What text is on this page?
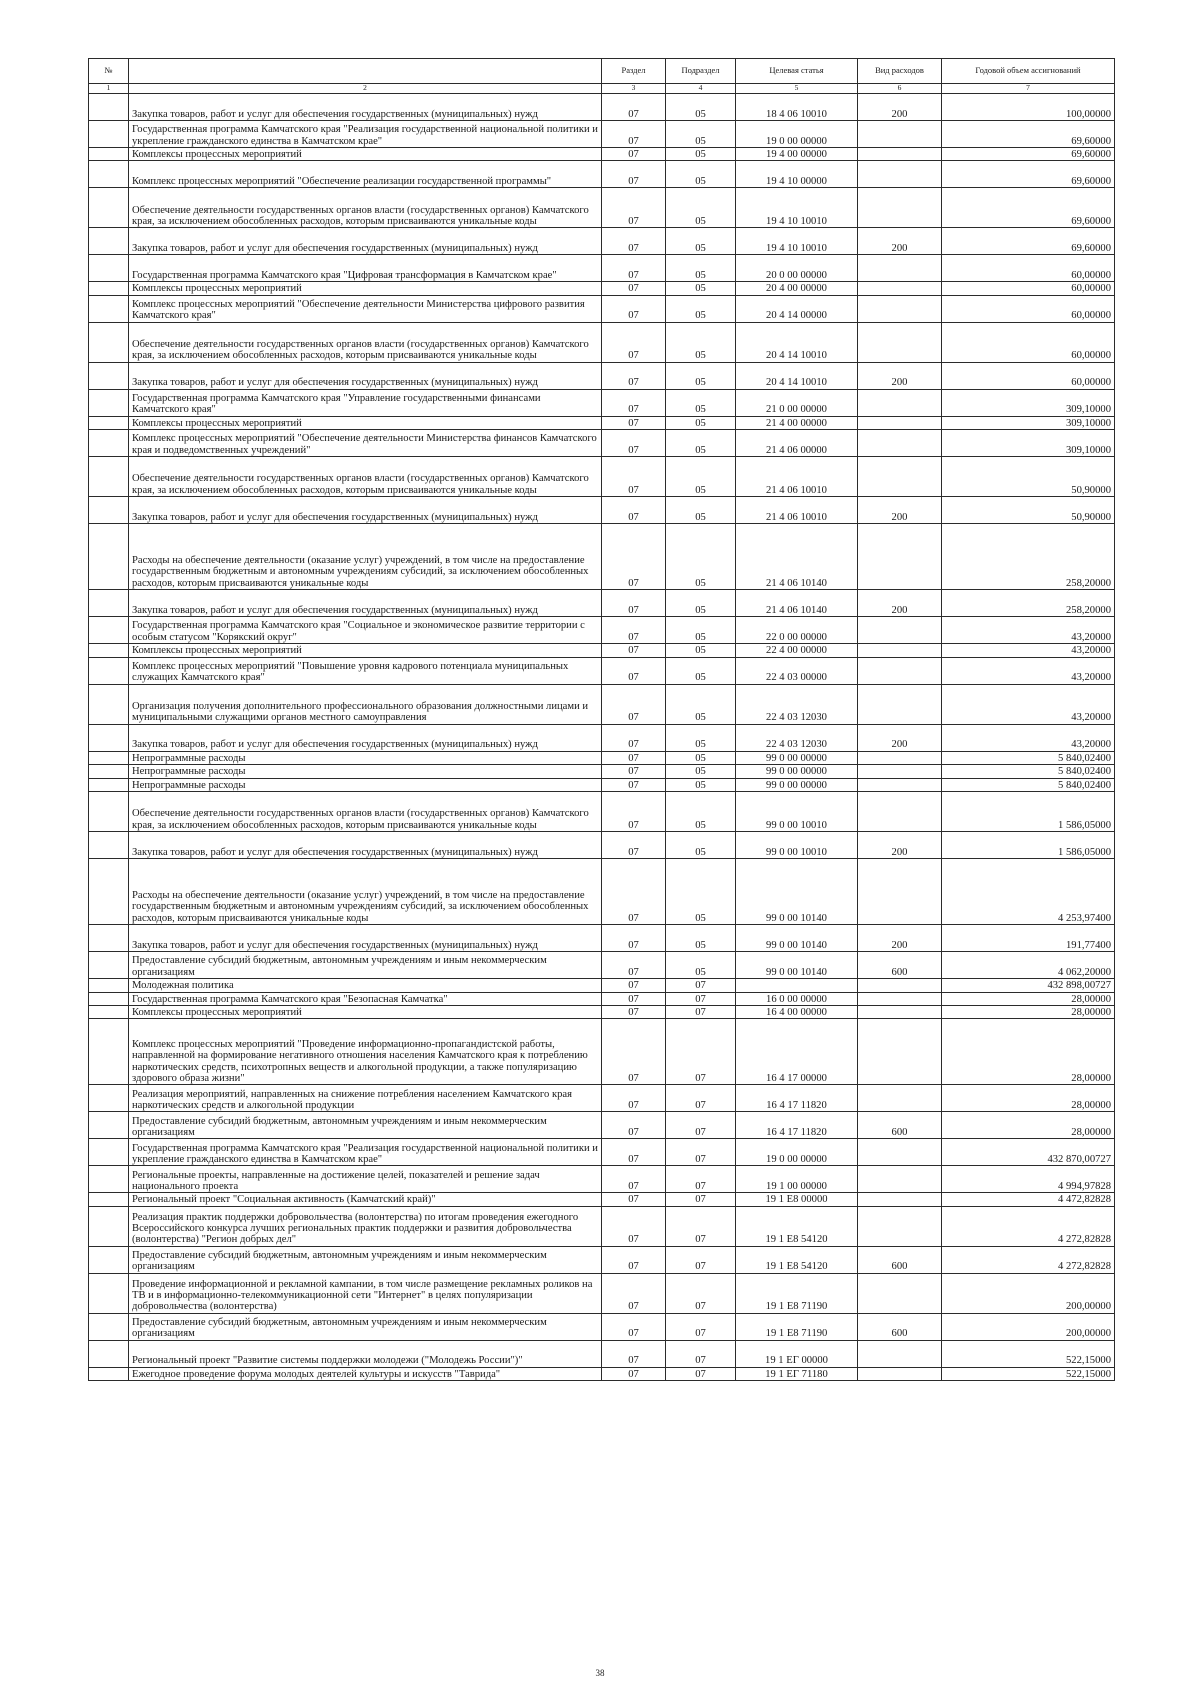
№		Раздел	Подраздел	Целевая статья	Вид расходов	Годовой объем ассигнований
1	2	3	4	5	6	7
	Закупка товаров, работ и услуг для обеспечения государственных (муниципальных) нужд	07	05	18 4 06 10010	200	100,00000
	Государственная программа Камчатского края "Реализация государственной национальной политики и укрепление гражданского единства в Камчатском крае"	07	05	19 0 00 00000		69,60000
	Комплексы процессных мероприятий	07	05	19 4 00 00000		69,60000
	Комплекс процессных мероприятий "Обеспечение реализации государственной программы"	07	05	19 4 10 00000		69,60000
	Обеспечение деятельности государственных органов власти (государственных органов) Камчатского края, за исключением обособленных расходов, которым присваиваются уникальные коды	07	05	19 4 10 10010		69,60000
	Закупка товаров, работ и услуг для обеспечения государственных (муниципальных) нужд	07	05	19 4 10 10010	200	69,60000
	Государственная программа Камчатского края "Цифровая трансформация в Камчатском крае"	07	05	20 0 00 00000		60,00000
	Комплексы процессных мероприятий	07	05	20 4 00 00000		60,00000
	Комплекс процессных мероприятий "Обеспечение деятельности Министерства цифрового развития Камчатского края"	07	05	20 4 14 00000		60,00000
	Обеспечение деятельности государственных органов власти (государственных органов) Камчатского края, за исключением обособленных расходов, которым присваиваются уникальные коды	07	05	20 4 14 10010		60,00000
	Закупка товаров, работ и услуг для обеспечения государственных (муниципальных) нужд	07	05	20 4 14 10010	200	60,00000
	Государственная программа Камчатского края "Управление государственными финансами Камчатского края"	07	05	21 0 00 00000		309,10000
	Комплексы процессных мероприятий	07	05	21 4 00 00000		309,10000
	Комплекс процессных мероприятий "Обеспечение деятельности Министерства финансов Камчатского края и подведомственных учреждений"	07	05	21 4 06 00000		309,10000
	Обеспечение деятельности государственных органов власти (государственных органов) Камчатского края, за исключением обособленных расходов, которым присваиваются уникальные коды	07	05	21 4 06 10010		50,90000
	Закупка товаров, работ и услуг для обеспечения государственных (муниципальных) нужд	07	05	21 4 06 10010	200	50,90000
	Расходы на обеспечение деятельности (оказание услуг) учреждений, в том числе на предоставление государственным бюджетным и автономным учреждениям субсидий, за исключением обособленных расходов, которым присваиваются уникальные коды	07	05	21 4 06 10140		258,20000
	Закупка товаров, работ и услуг для обеспечения государственных (муниципальных) нужд	07	05	21 4 06 10140	200	258,20000
	Государственная программа Камчатского края "Социальное и экономическое развитие территории с особым статусом "Корякский округ"	07	05	22 0 00 00000		43,20000
	Комплексы процессных мероприятий	07	05	22 4 00 00000		43,20000
	Комплекс процессных мероприятий "Повышение уровня кадрового потенциала муниципальных служащих Камчатского края"	07	05	22 4 03 00000		43,20000
	Организация получения дополнительного профессионального образования должностными лицами и муниципальными служащими органов местного самоуправления	07	05	22 4 03 12030		43,20000
	Закупка товаров, работ и услуг для обеспечения государственных (муниципальных) нужд	07	05	22 4 03 12030	200	43,20000
	Непрограммные расходы	07	05	99 0 00 00000		5 840,02400
	Непрограммные расходы	07	05	99 0 00 00000		5 840,02400
	Непрограммные расходы	07	05	99 0 00 00000		5 840,02400
	Обеспечение деятельности государственных органов власти (государственных органов) Камчатского края, за исключением обособленных расходов, которым присваиваются уникальные коды	07	05	99 0 00 10010		1 586,05000
	Закупка товаров, работ и услуг для обеспечения государственных (муниципальных) нужд	07	05	99 0 00 10010	200	1 586,05000
	Расходы на обеспечение деятельности (оказание услуг) учреждений, в том числе на предоставление государственным бюджетным и автономным учреждениям субсидий, за исключением обособленных расходов, которым присваиваются уникальные коды	07	05	99 0 00 10140		4 253,97400
	Закупка товаров, работ и услуг для обеспечения государственных (муниципальных) нужд	07	05	99 0 00 10140	200	191,77400
	Предоставление субсидий бюджетным, автономным учреждениям и иным некоммерческим организациям	07	05	99 0 00 10140	600	4 062,20000
	Молодежная политика	07	07			432 898,00727
	Государственная программа Камчатского края "Безопасная Камчатка"	07	07	16 0 00 00000		28,00000
	Комплексы процессных мероприятий	07	07	16 4 00 00000		28,00000
	Комплекс процессных мероприятий "Проведение информационно-пропагандистской работы, направленной на формирование негативного отношения населения Камчатского края к потреблению наркотических средств, психотропных веществ и алкогольной продукции, а также популяризацию здорового образа жизни"	07	07	16 4 17 00000		28,00000
	Реализация мероприятий, направленных на снижение потребления населением Камчатского края наркотических средств и алкогольной продукции	07	07	16 4 17 11820		28,00000
	Предоставление субсидий бюджетным, автономным учреждениям и иным некоммерческим организациям	07	07	16 4 17 11820	600	28,00000
	Государственная программа Камчатского края "Реализация государственной национальной политики и укрепление гражданского единства в Камчатском крае"	07	07	19 0 00 00000		432 870,00727
	Региональные проекты, направленные на достижение целей, показателей и решение задач национального проекта	07	07	19 1 00 00000		4 994,97828
	Региональный проект "Социальная активность (Камчатский край)"	07	07	19 1 E8 00000		4 472,82828
	Реализация практик поддержки добровольчества (волонтерства) по итогам проведения ежегодного Всероссийского конкурса лучших региональных практик поддержки и развития добровольчества (волонтерства) "Регион добрых дел"	07	07	19 1 E8 54120		4 272,82828
	Предоставление субсидий бюджетным, автономным учреждениям и иным некоммерческим организациям	07	07	19 1 E8 54120	600	4 272,82828
	Проведение информационной и рекламной кампании, в том числе размещение рекламных роликов на ТВ и в информационно-телекоммуникационной сети "Интернет" в целях популяризации добровольчества (волонтерства)	07	07	19 1 E8 71190		200,00000
	Предоставление субсидий бюджетным, автономным учреждениям и иным некоммерческим организациям	07	07	19 1 E8 71190	600	200,00000
	Региональный проект "Развитие системы поддержки молодежи ("Молодежь России")"	07	07	19 1 ЕГ 00000		522,15000
	Ежегодное проведение форума молодых деятелей культуры и искусств "Таврида"	07	07	19 1 ЕГ 71180		522,15000
38
